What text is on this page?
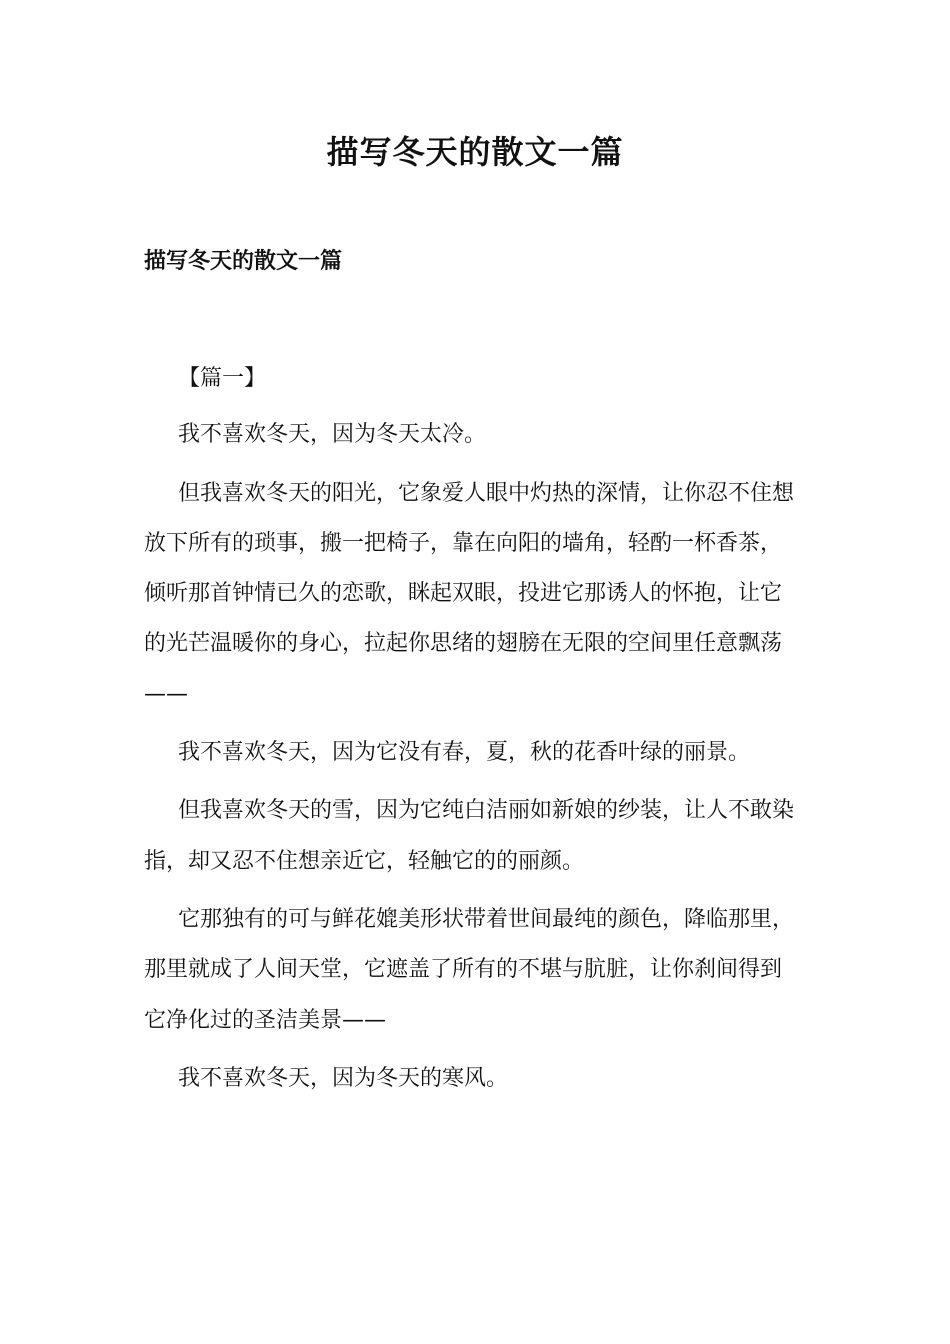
描写冬天的散文一篇
描写冬天的散文一篇

【篇一】

我不喜欢冬天，因为冬天太冷。

但我喜欢冬天的阳光，它象爱人眼中灼热的深情，让你忍不住想
放下所有的琐事，搬一把椅子，靠在向阳的墙角，轻酌一杯香茶，
倾听那首钟情已久的恋歌，眯起双眼，投进它那诱人的怀抱，让它
的光芒温暖你的身心，拉起你思绪的翅膀在无限的空间里任意飘荡
——

我不喜欢冬天，因为它没有春，夏，秋的花香叶绿的丽景。

但我喜欢冬天的雪，因为它纯白洁丽如新娘的纱装，让人不敢染
指，却又忍不住想亲近它，轻触它的的丽颜。

它那独有的可与鲜花媲美形状带着世间最纯的颜色，降临那里，
那里就成了人间天堂，它遮盖了所有的不堪与肮脏，让你刹间得到
它净化过的圣洁美景——

我不喜欢冬天，因为冬天的寒风。
